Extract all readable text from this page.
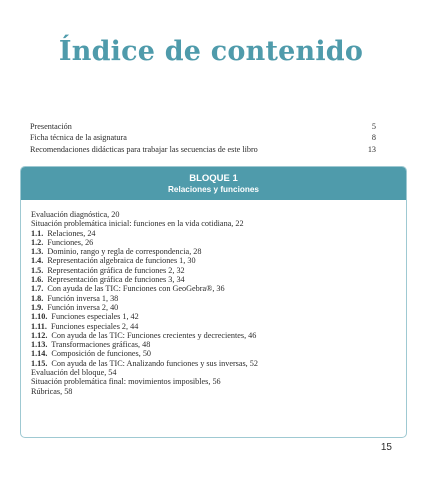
Índice de contenido
Presentación	5
Ficha técnica de la asignatura	8
Recomendaciones didácticas para trabajar las secuencias de este libro	13
BLOQUE 1
Relaciones y funciones
Evaluación diagnóstica, 20
Situación problemática inicial: funciones en la vida cotidiana, 22
1.1. Relaciones, 24
1.2. Funciones, 26
1.3. Dominio, rango y regla de correspondencia, 28
1.4. Representación algebraica de funciones 1, 30
1.5. Representación gráfica de funciones 2, 32
1.6. Representación gráfica de funciones 3, 34
1.7. Con ayuda de las TIC: Funciones con GeoGebra®, 36
1.8. Función inversa 1, 38
1.9. Función inversa 2, 40
1.10. Funciones especiales 1, 42
1.11. Funciones especiales 2, 44
1.12. Con ayuda de las TIC: Funciones crecientes y decrecientes, 46
1.13. Transformaciones gráficas, 48
1.14. Composición de funciones, 50
1.15. Con ayuda de las TIC: Analizando funciones y sus inversas, 52
Evaluación del bloque, 54
Situación problemática final: movimientos imposibles, 56
Rúbricas, 58
15
